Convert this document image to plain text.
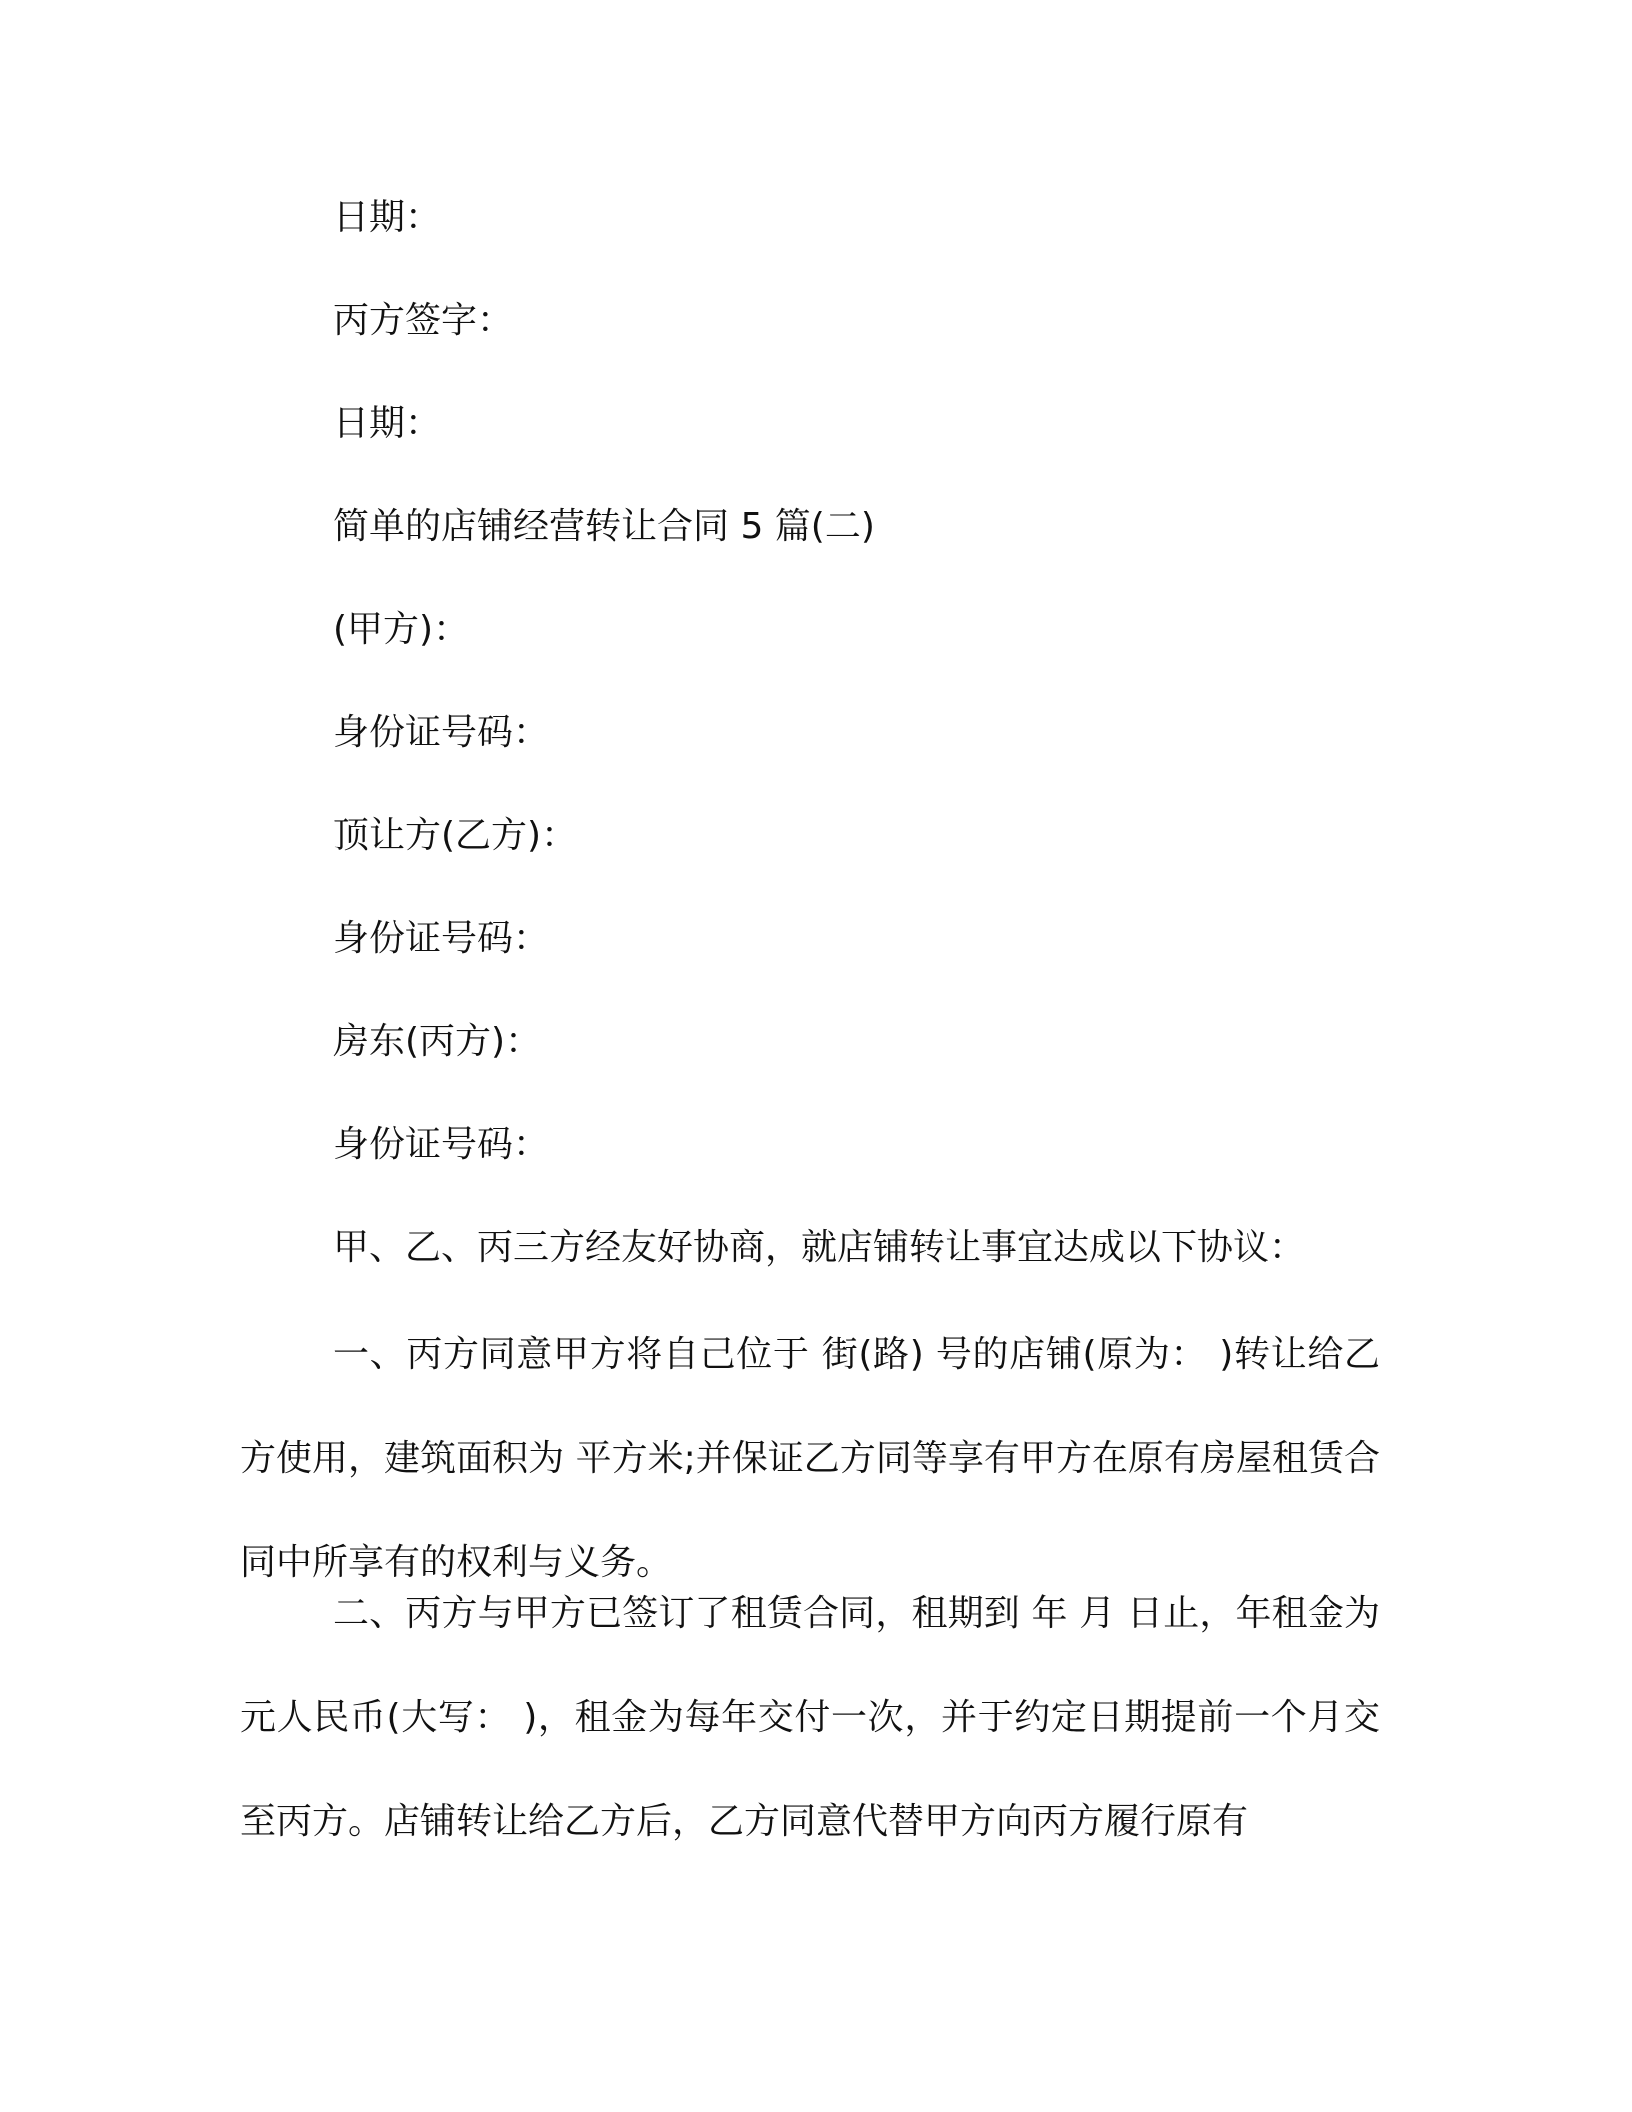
日期：
丙方签字：
日期：
简单的店铺经营转让合同 5 篇(二)
(甲方)：
身份证号码：
顶让方(乙方)：
身份证号码：
房东(丙方)：
身份证号码：
甲、乙、丙三方经友好协商，就店铺转让事宜达成以下协议：
一、丙方同意甲方将自己位于 街(路) 号的店铺(原为： )转让给乙方使用，建筑面积为 平方米;并保证乙方同等享有甲方在原有房屋租赁合同中所享有的权利与义务。
二、丙方与甲方已签订了租赁合同，租期到 年 月 日止，年租金为 元人民币(大写： )，租金为每年交付一次，并于约定日期提前一个月交至丙方。店铺转让给乙方后，乙方同意代替甲方向丙方履行原有
